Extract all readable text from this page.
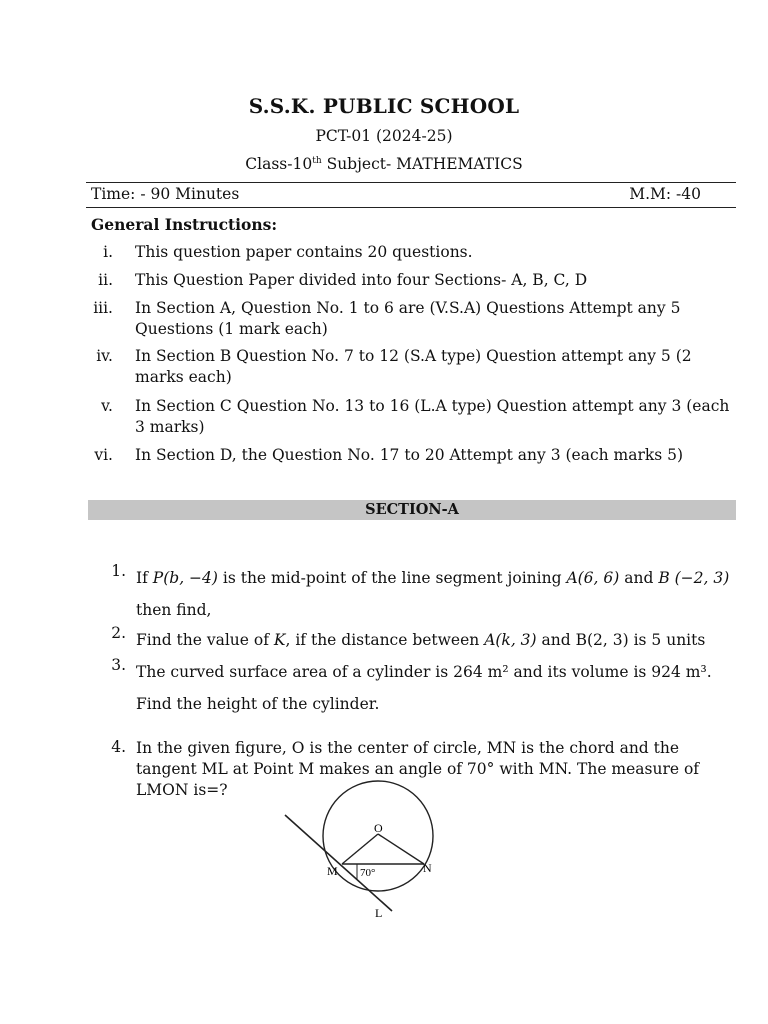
S.S.K. PUBLIC SCHOOL
PCT-01 (2024-25)
Class-10th Subject- MATHEMATICS
Time: - 90 Minutes	M.M: -40
General Instructions:
i. This question paper contains 20 questions.
ii. This Question Paper divided into four Sections- A, B, C, D
iii. In Section A, Question No. 1 to 6 are (V.S.A) Questions Attempt any 5 Questions (1 mark each)
iv. In Section B Question No. 7 to 12 (S.A type) Question attempt any 5 (2 marks each)
v. In Section C Question No. 13 to 16 (L.A type) Question attempt any 3 (each 3 marks)
vi. In Section D, the Question No. 17 to 20 Attempt any 3 (each marks 5)
SECTION-A
1. If P(b, −4) is the mid-point of the line segment joining A(6, 6) and B (−2, 3)
then find,
2. Find the value of K, if the distance between A(k, 3) and B(2, 3) is 5 units
3. The curved surface area of a cylinder is 264 m² and its volume is 924 m³. Find the height of the cylinder.
4. In the given figure, O is the center of circle, MN is the chord and the tangent ML at Point M makes an angle of 70° with MN. The measure of LMON is=?
O
M	N
L
70°
